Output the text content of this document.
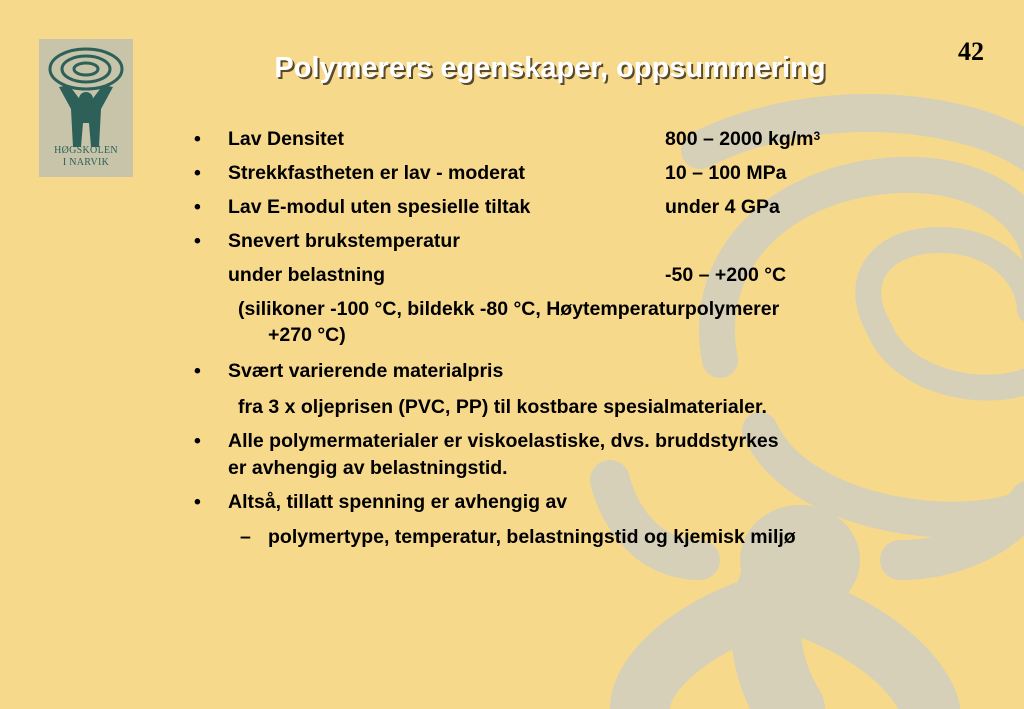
HØGSKOLEN
I NARVIK
Polymerers egenskaper, oppsummering
42
• Lav Densitet	800 – 2000 $kg/m^3$
• Strekkfastheten er lav - moderat	10 – 100 MPa
• Lav E-modul uten spesielle tiltak	under 4 GPa
• Snevert brukstemperatur
under belastning	-50 – +200 °C
(silikoner -100 °C, bildekk -80 °C, Høytemperaturpolymerer
+270 °C)
• Svært varierende materialpris
fra 3 x oljeprisen (PVC, PP) til kostbare spesialmaterialer.
• Alle polymermaterialer er viskoelastiske, dvs. bruddstyrkes
er avhengig av belastningstid.
• Altså, tillatt spenning er avhengig av
– polymertype, temperatur, belastningstid og kjemisk miljø
